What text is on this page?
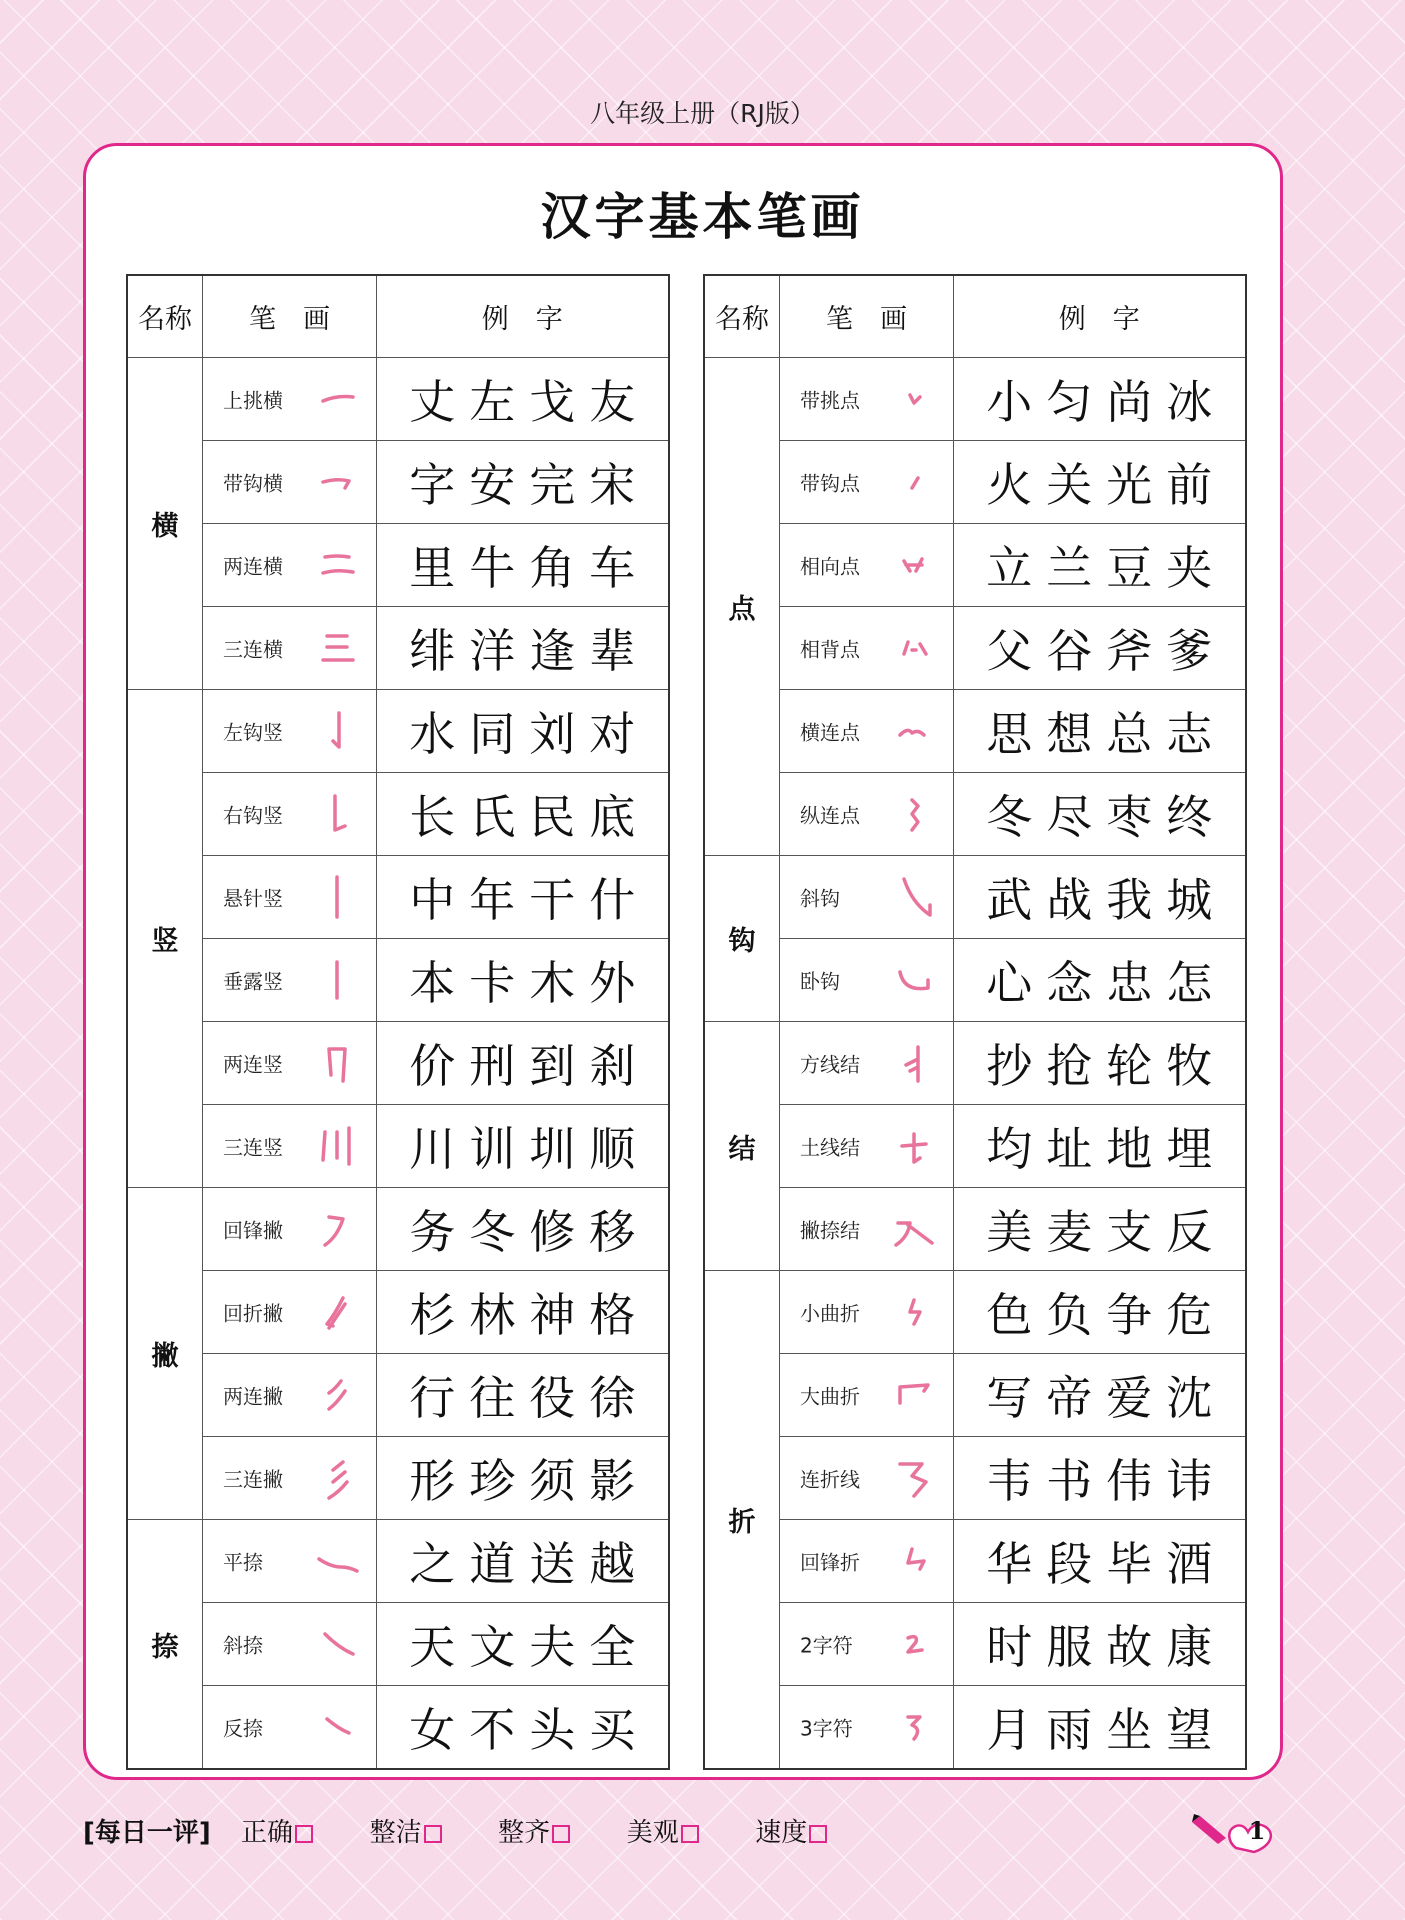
八年级上册（RJ版）
汉字基本笔画
名称	笔　画	例　字
横	上挑横	丈左戈友

	带钩横	字安完宋

	两连横	里牛角车

	三连横	绯洋逢辈

竖	左钩竖	水同刘对

	右钩竖	长氏民底

	悬针竖	中年干什

	垂露竖	本卡木外

	两连竖	价刑到刹

	三连竖	川训圳顺

撇	回锋撇	务冬修移

	回折撇	杉林神格

	两连撇	行往役徐

	三连撇	形珍须影

捺	平捺	之道送越

	斜捺	天文夫全

	反捺	女不头买
名称	笔　画	例　字
点	带挑点	小匀尚冰

	带钩点	火关光前

	相向点	立兰豆夹

	相背点	父谷斧爹

	横连点	思想总志

	纵连点	冬尽枣终

钩	斜钩	武战我城

	卧钩	心念忠怎

结	方线结	抄抢轮牧

	土线结	均址地埋

	撇捺结	美麦支反

折	小曲折	色负争危

	大曲折	写帝爱沈

	连折线	韦书伟讳

	回锋折	华段毕酒

	2字符	时服故康

	3字符	月雨坐望
[每日一评] 正确	整洁	整齐	美观	速度	1
